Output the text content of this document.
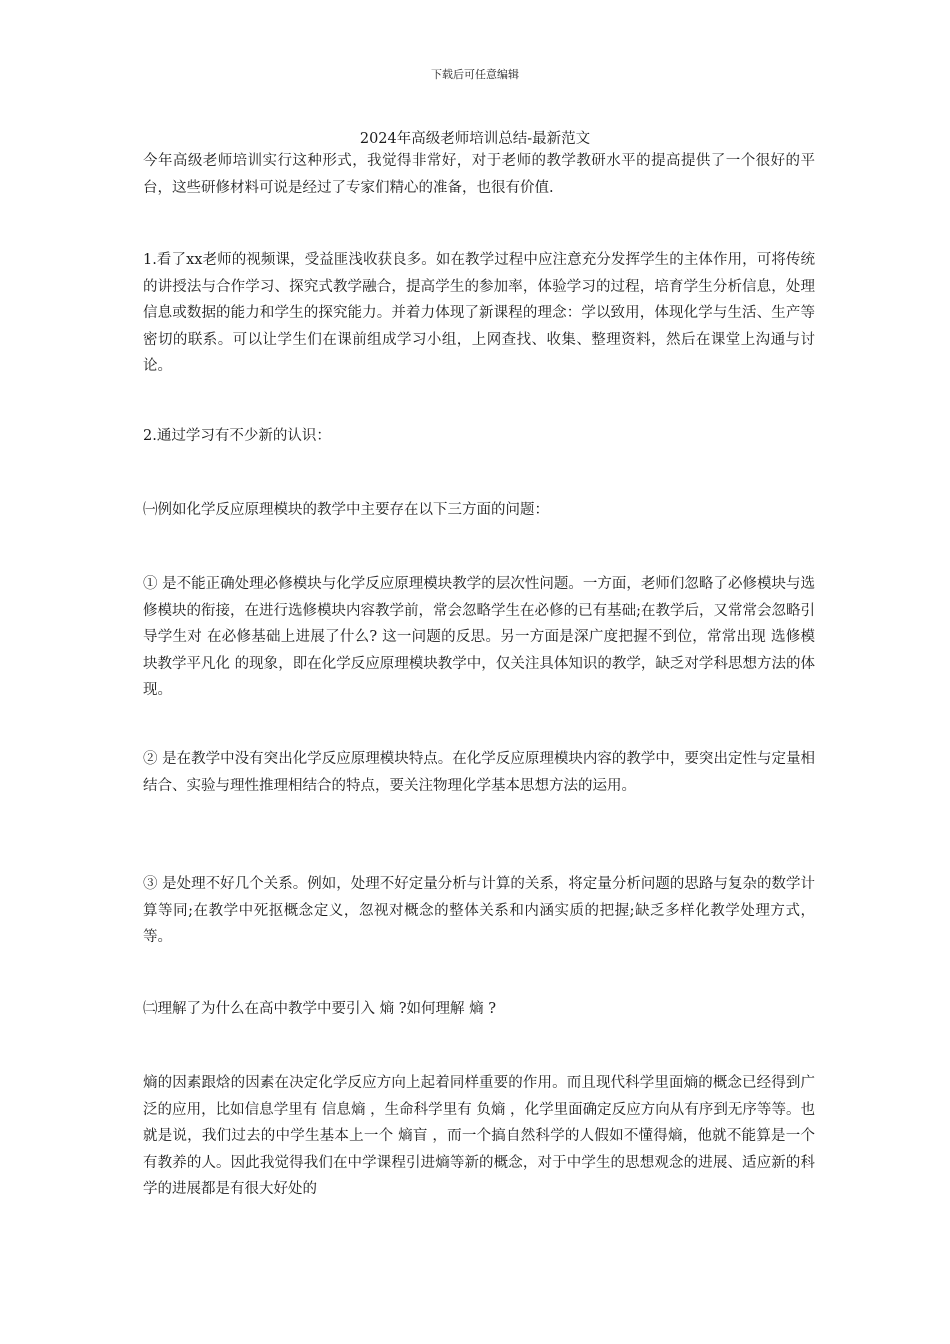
下载后可任意编辑
2024年高级老师培训总结-最新范文
今年高级老师培训实行这种形式，我觉得非常好，对于老师的教学教研水平的提高提供了一个很好的平台，这些研修材料可说是经过了专家们精心的准备，也很有价值.
1.看了xx老师的视频课，受益匪浅收获良多。如在教学过程中应注意充分发挥学生的主体作用，可将传统的讲授法与合作学习、探究式教学融合，提高学生的参加率，体验学习的过程，培育学生分析信息，处理信息或数据的能力和学生的探究能力。并着力体现了新课程的理念：学以致用，体现化学与生活、生产等密切的联系。可以让学生们在课前组成学习小组，上网查找、收集、整理资料，然后在课堂上沟通与讨论。
2.通过学习有不少新的认识：
㈠例如化学反应原理模块的教学中主要存在以下三方面的问题：
① 是不能正确处理必修模块与化学反应原理模块教学的层次性问题。一方面，老师们忽略了必修模块与选修模块的衔接，在进行选修模块内容教学前，常会忽略学生在必修的已有基础;在教学后，又常常会忽略引导学生对 在必修基础上进展了什么? 这一问题的反思。另一方面是深广度把握不到位，常常出现 选修模块教学平凡化 的现象，即在化学反应原理模块教学中，仅关注具体知识的教学，缺乏对学科思想方法的体现。
② 是在教学中没有突出化学反应原理模块特点。在化学反应原理模块内容的教学中，要突出定性与定量相结合、实验与理性推理相结合的特点，要关注物理化学基本思想方法的运用。
③ 是处理不好几个关系。例如，处理不好定量分析与计算的关系，将定量分析问题的思路与复杂的数学计算等同;在教学中死抠概念定义，忽视对概念的整体关系和内涵实质的把握;缺乏多样化教学处理方式，等。
㈡理解了为什么在高中教学中要引入 熵 ?如何理解 熵 ?
熵的因素跟焓的因素在决定化学反应方向上起着同样重要的作用。而且现代科学里面熵的概念已经得到广泛的应用，比如信息学里有 信息熵 ，生命科学里有 负熵 ，化学里面确定反应方向从有序到无序等等。也就是说，我们过去的中学生基本上一个 熵盲 ，而一个搞自然科学的人假如不懂得熵，他就不能算是一个有教养的人。因此我觉得我们在中学课程引进熵等新的概念，对于中学生的思想观念的进展、适应新的科学的进展都是有很大好处的
